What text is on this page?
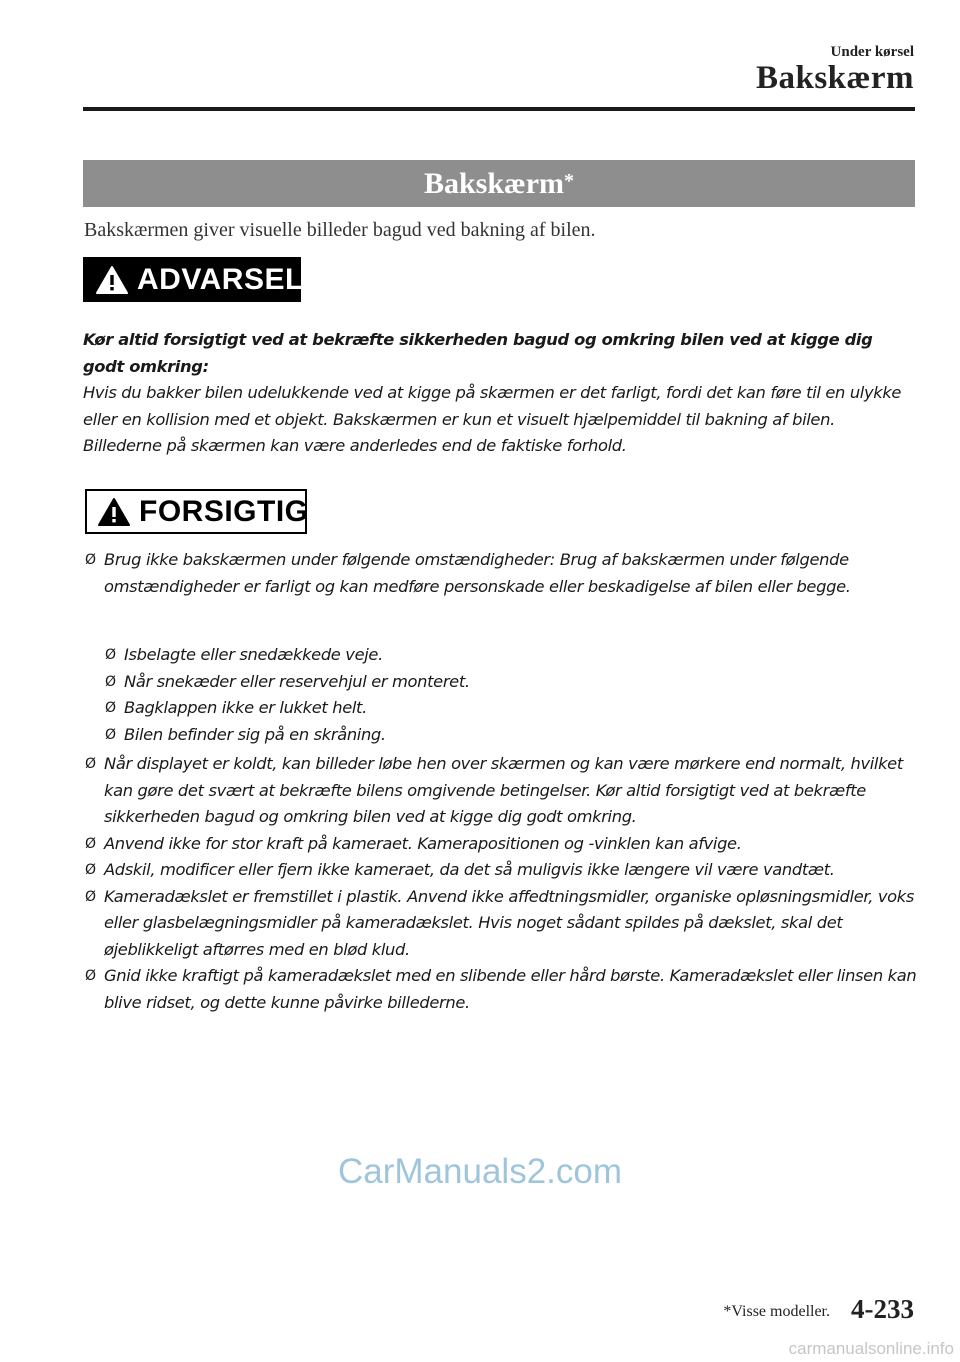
Under kørsel
Bakskærm
Bakskærm*
Bakskærmen giver visuelle billeder bagud ved bakning af bilen.
ADVARSEL
Kør altid forsigtigt ved at bekræfte sikkerheden bagud og omkring bilen ved at kigge dig godt omkring:
Hvis du bakker bilen udelukkende ved at kigge på skærmen er det farligt, fordi det kan føre til en ulykke eller en kollision med et objekt. Bakskærmen er kun et visuelt hjælpemiddel til bakning af bilen. Billederne på skærmen kan være anderledes end de faktiske forhold.
FORSIGTIG
Ø Brug ikke bakskærmen under følgende omstændigheder: Brug af bakskærmen under følgende omstændigheder er farligt og kan medføre personskade eller beskadigelse af bilen eller begge.
Ø Isbelagte eller snedækkede veje.
Ø Når snekæder eller reservehjul er monteret.
Ø Bagklappen ikke er lukket helt.
Ø Bilen befinder sig på en skråning.
Ø Når displayet er koldt, kan billeder løbe hen over skærmen og kan være mørkere end normalt, hvilket kan gøre det svært at bekræfte bilens omgivende betingelser. Kør altid forsigtigt ved at bekræfte sikkerheden bagud og omkring bilen ved at kigge dig godt omkring.
Ø Anvend ikke for stor kraft på kameraet. Kamerapositionen og -vinklen kan afvige.
Ø Adskil, modificer eller fjern ikke kameraet, da det så muligvis ikke længere vil være vandtæt.
Ø Kameradækslet er fremstillet i plastik. Anvend ikke affedtningsmidler, organiske opløsningsmidler, voks eller glasbelægningsmidler på kameradækslet. Hvis noget sådant spildes på dækslet, skal det øjeblikkeligt aftørres med en blød klud.
Ø Gnid ikke kraftigt på kameradækslet med en slibende eller hård børste. Kameradækslet eller linsen kan blive ridset, og dette kunne påvirke billederne.
CarManuals2.com
*Visse modeller. 4-233
carmanualsonline.info
